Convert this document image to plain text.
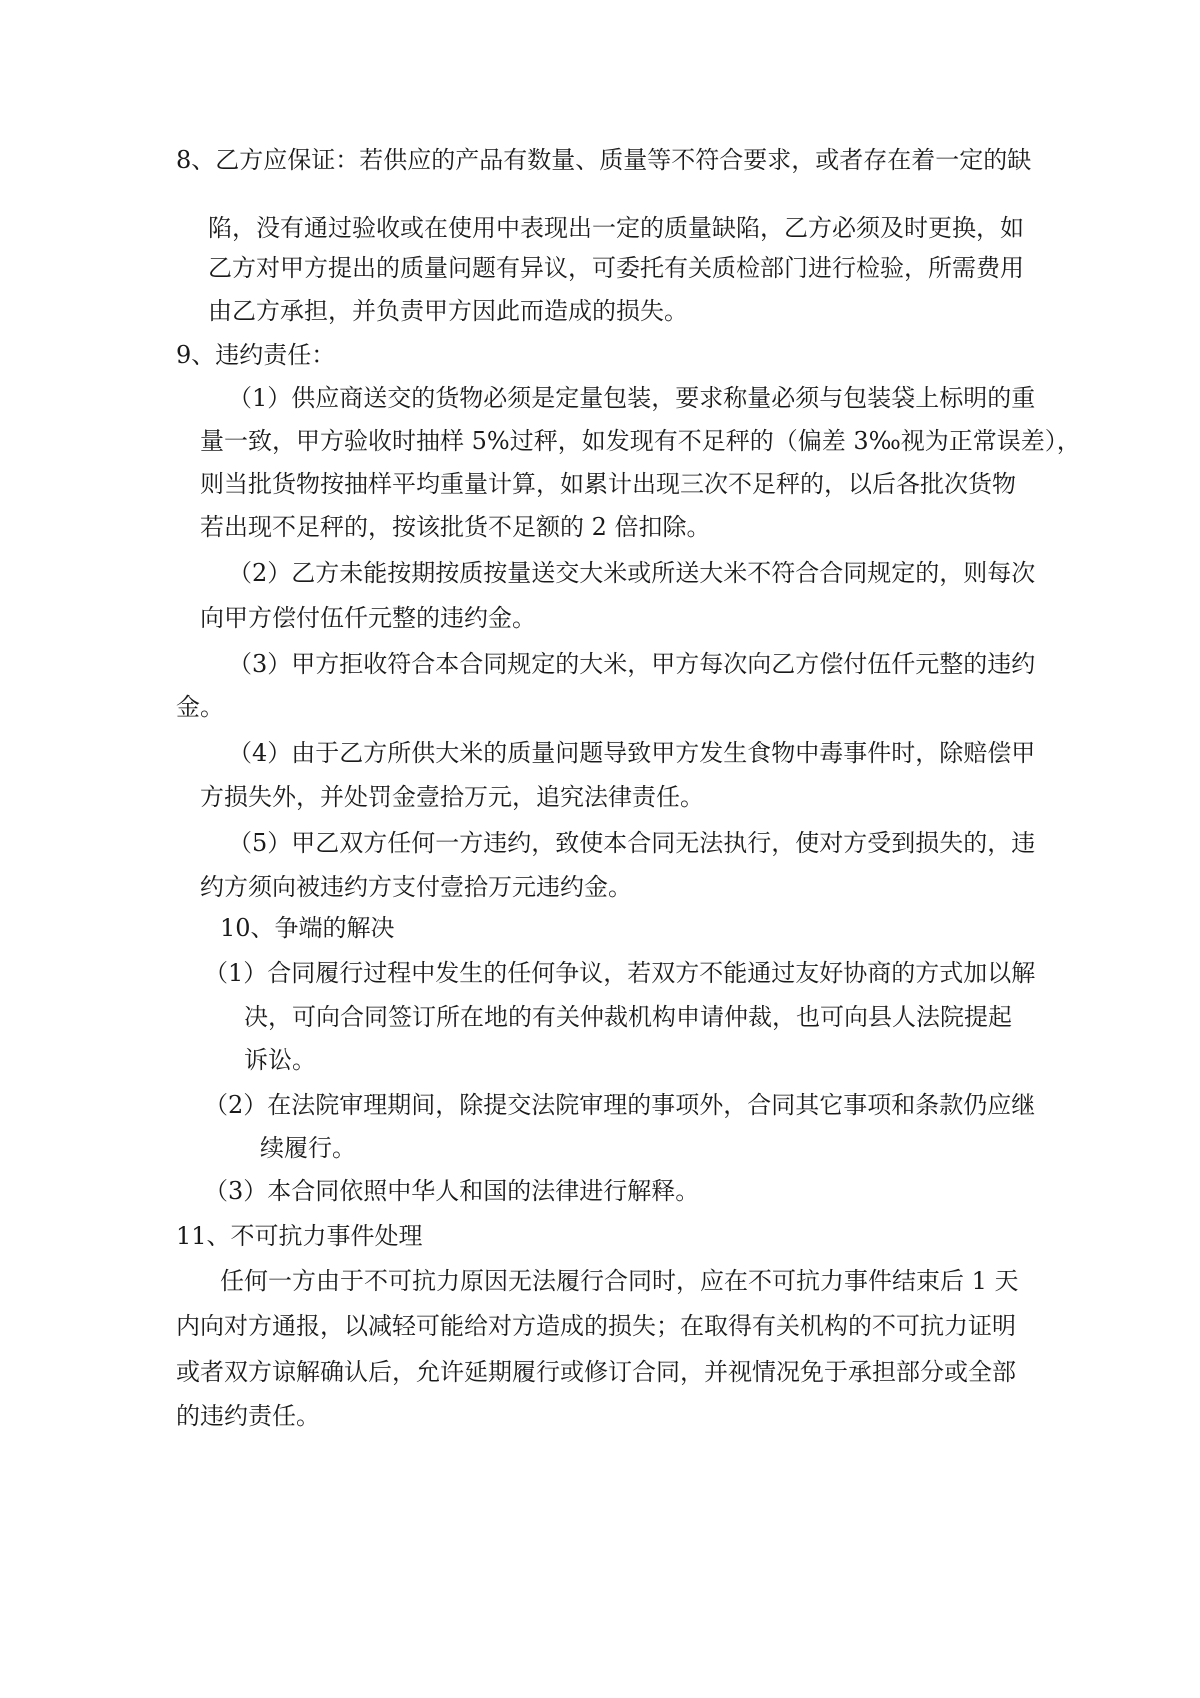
8、乙方应保证：若供应的产品有数量、质量等不符合要求，或者存在着一定的缺
陷，没有通过验收或在使用中表现出一定的质量缺陷，乙方必须及时更换，如
乙方对甲方提出的质量问题有异议，可委托有关质检部门进行检验，所需费用
由乙方承担，并负责甲方因此而造成的损失。
9、违约责任：
（1）供应商送交的货物必须是定量包装，要求称量必须与包装袋上标明的重
量一致，甲方验收时抽样 5%过秤，如发现有不足秤的（偏差 3‰视为正常误差），
则当批货物按抽样平均重量计算，如累计出现三次不足秤的，以后各批次货物
若出现不足秤的，按该批货不足额的 2 倍扣除。
（2）乙方未能按期按质按量送交大米或所送大米不符合合同规定的，则每次
向甲方偿付伍仟元整的违约金。
（3）甲方拒收符合本合同规定的大米，甲方每次向乙方偿付伍仟元整的违约
金。
（4）由于乙方所供大米的质量问题导致甲方发生食物中毒事件时，除赔偿甲
方损失外，并处罚金壹拾万元，追究法律责任。
（5）甲乙双方任何一方违约，致使本合同无法执行，使对方受到损失的，违
约方须向被违约方支付壹拾万元违约金。
10、争端的解决
（1）合同履行过程中发生的任何争议，若双方不能通过友好协商的方式加以解
决，可向合同签订所在地的有关仲裁机构申请仲裁，也可向县人法院提起
诉讼。
（2）在法院审理期间，除提交法院审理的事项外，合同其它事项和条款仍应继
续履行。
（3）本合同依照中华人和国的法律进行解释。
11、不可抗力事件处理
任何一方由于不可抗力原因无法履行合同时，应在不可抗力事件结束后 1 天
内向对方通报，以减轻可能给对方造成的损失；在取得有关机构的不可抗力证明
或者双方谅解确认后，允许延期履行或修订合同，并视情况免于承担部分或全部
的违约责任。
